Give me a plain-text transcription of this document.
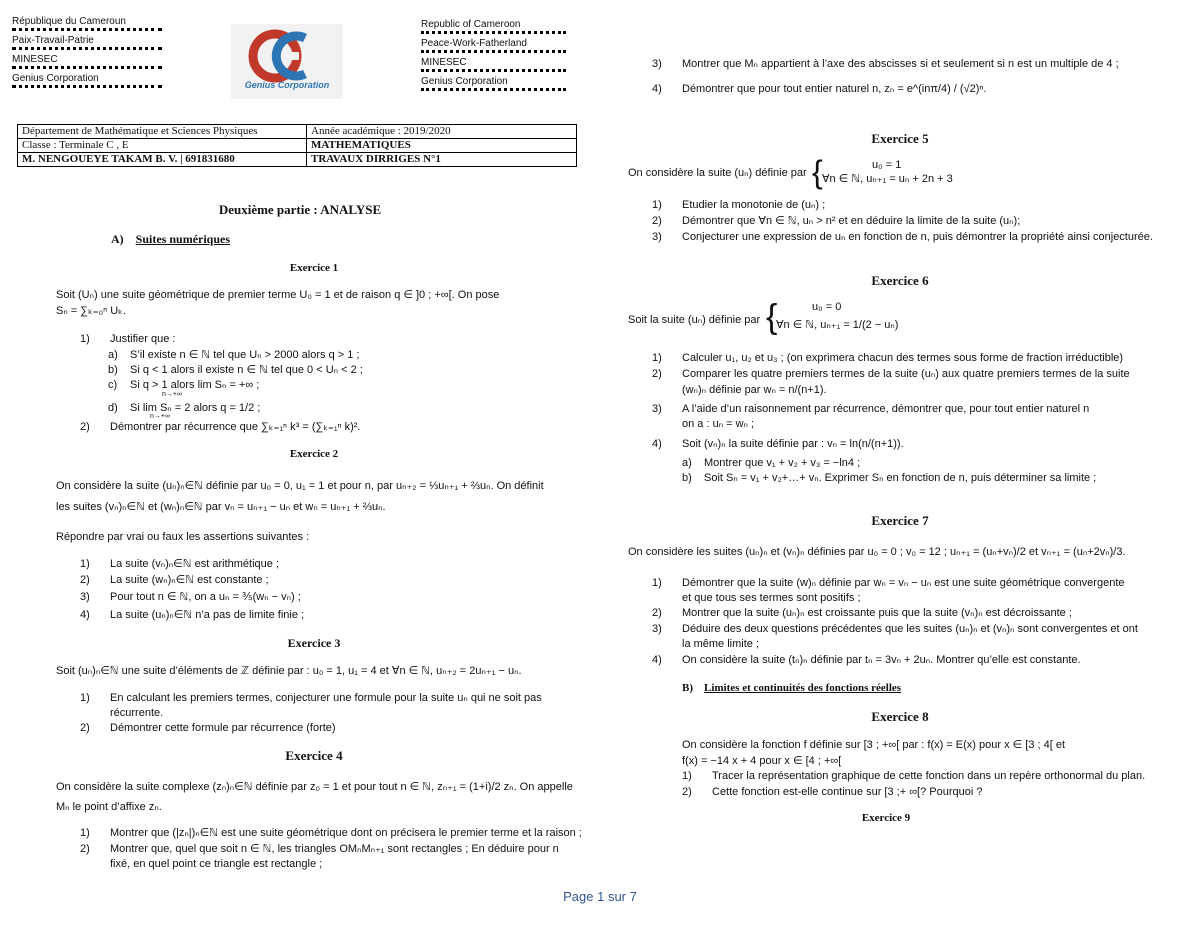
République du Cameroun
Paix-Travail-Patrie
MINESEC
Genius Corporation
Genius Corporation
Republic of Cameroon
Peace-Work-Fatherland
MINESEC
Genius Corporation
Département de Mathématique et Sciences Physiques	Année académique : 2019/2020
Classe : Terminale C , E	MATHEMATIQUES
M. NENGOUEYE TAKAM B. V. | 691831680	TRAVAUX DIRRIGES N°1
Deuxième partie : ANALYSE
A) Suites numériques
Exercice 1
Soit (Uₙ) une suite géométrique de premier terme U₀ = 1 et de raison q ∈ ]0 ; +∞[. On pose
Sₙ = ∑ₖ₌₀ⁿ Uₖ.
1) Justifier que :
a) S’il existe n ∈ ℕ tel que Uₙ > 2000 alors q > 1 ;
b) Si q < 1 alors il existe n ∈ ℕ tel que 0 < Uₙ < 2 ;
c) Si q > 1 alors lim Sₙ = +∞ ;
n→+∞
d) Si lim Sₙ = 2 alors q = 1/2 ;
n→+∞
2) Démontrer par récurrence que ∑ₖ₌₁ⁿ k³ = (∑ₖ₌₁ⁿ k)².
Exercice 2
On considère la suite (uₙ)ₙ∈ℕ définie par u₀ = 0, u₁ = 1 et pour n, par uₙ₊₂ = ⅓uₙ₊₁ + ⅔uₙ. On définit
les suites (vₙ)ₙ∈ℕ et (wₙ)ₙ∈ℕ par vₙ = uₙ₊₁ − uₙ et wₙ = uₙ₊₁ + ⅔uₙ.
Répondre par vrai ou faux les assertions suivantes :
1) La suite (vₙ)ₙ∈ℕ est arithmétique ;
2) La suite (wₙ)ₙ∈ℕ est constante ;
3) Pour tout n ∈ ℕ, on a uₙ = ⅗(wₙ − vₙ) ;
4) La suite (uₙ)ₙ∈ℕ n’a pas de limite finie ;
Exercice 3
Soit (uₙ)ₙ∈ℕ une suite d’éléments de ℤ définie par : u₀ = 1, u₁ = 4 et ∀n ∈ ℕ, uₙ₊₂ = 2uₙ₊₁ − uₙ.
1) En calculant les premiers termes, conjecturer une formule pour la suite uₙ qui ne soit pas
récurrente.
2) Démontrer cette formule par récurrence (forte)
Exercice 4
On considère la suite complexe (zₙ)ₙ∈ℕ définie par z₀ = 1 et pour tout n ∈ ℕ, zₙ₊₁ = (1+i)/2 zₙ. On appelle
Mₙ le point d’affixe zₙ.
1) Montrer que (|zₙ|)ₙ∈ℕ est une suite géométrique dont on précisera le premier terme et la raison ;
2) Montrer que, quel que soit n ∈ ℕ, les triangles OMₙMₙ₊₁ sont rectangles ; En déduire pour n
fixé, en quel point ce triangle est rectangle ;
3) Montrer que Mₙ appartient à l’axe des abscisses si et seulement si n est un multiple de 4 ;
4) Démontrer que pour tout entier naturel n, zₙ = e^(inπ/4) / (√2)ⁿ.
Exercice 5
On considère la suite (uₙ) définie par {	u₀ = 1
∀n ∈ ℕ, uₙ₊₁ = uₙ + 2n + 3
1) Etudier la monotonie de (uₙ) ;
2) Démontrer que ∀n ∈ ℕ, uₙ > n² et en déduire la limite de la suite (uₙ);
3) Conjecturer une expression de uₙ en fonction de n, puis démontrer la propriété ainsi conjecturée.
Exercice 6
Soit la suite (uₙ) définie par {	u₀ = 0
∀n ∈ ℕ, uₙ₊₁ = 1/(2 − uₙ)
1) Calculer u₁, u₂ et u₃ ; (on exprimera chacun des termes sous forme de fraction irréductible)
2) Comparer les quatre premiers termes de la suite (uₙ) aux quatre premiers termes de la suite
(wₙ)ₙ définie par wₙ = n/(n+1).
3) A l’aide d’un raisonnement par récurrence, démontrer que, pour tout entier naturel n
on a : uₙ = wₙ ;
4) Soit (vₙ)ₙ la suite définie par : vₙ = ln(n/(n+1)).
a) Montrer que v₁ + v₂ + v₃ = −ln4 ;
b) Soit Sₙ = v₁ + v₂+…+ vₙ. Exprimer Sₙ en fonction de n, puis déterminer sa limite ;
Exercice 7
On considère les suites (uₙ)ₙ et (vₙ)ₙ définies par u₀ = 0 ; v₀ = 12 ; uₙ₊₁ = (uₙ+vₙ)/2 et vₙ₊₁ = (uₙ+2vₙ)/3.
1) Démontrer que la suite (w)ₙ définie par wₙ = vₙ − uₙ est une suite géométrique convergente
et que tous ses termes sont positifs ;
2) Montrer que la suite (uₙ)ₙ est croissante puis que la suite (vₙ)ₙ est décroissante ;
3) Déduire des deux questions précédentes que les suites (uₙ)ₙ et (vₙ)ₙ sont convergentes et ont
la même limite ;
4) On considère la suite (tₙ)ₙ définie par tₙ = 3vₙ + 2uₙ. Montrer qu’elle est constante.
B) Limites et continuités des fonctions réelles
Exercice 8
On considère la fonction f définie sur [3 ; +∞[ par : f(x) = E(x) pour x ∈ [3 ; 4[ et
f(x) = −14 x + 4 pour x ∈ [4 ; +∞[
1) Tracer la représentation graphique de cette fonction dans un repère orthonormal du plan.
2) Cette fonction est-elle continue sur [3 ;+ ∞[? Pourquoi ?
Exercice 9
Page 1 sur 7
